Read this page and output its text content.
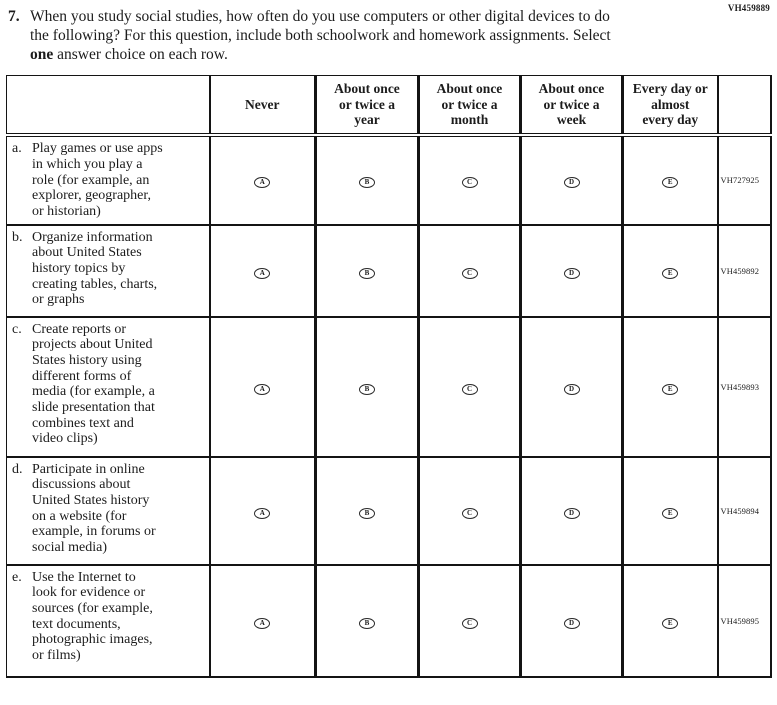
VH459889
7. When you study social studies, how often do you use computers or other digital devices to do the following? For this question, include both schoolwork and homework assignments. Select one answer choice on each row.
	Never	About once
or twice a
year	About once
or twice a
month	About once
or twice a
week	Every day or
almost
every day	

a. Play games or use apps
in which you play a
role (for example, an
explorer, geographer,
or historian)

A	B	C	D	E	VH727925

b. Organize information
about United States
history topics by
creating tables, charts,
or graphs

A	B	C	D	E	VH459892

c. Create reports or
projects about United
States history using
different forms of
media (for example, a
slide presentation that
combines text and
video clips)

A	B	C	D	E	VH459893

d. Participate in online
discussions about
United States history
on a website (for
example, in forums or
social media)

A	B	C	D	E	VH459894

e. Use the Internet to
look for evidence or
sources (for example,
text documents,
photographic images,
or films)

A	B	C	D	E	VH459895
